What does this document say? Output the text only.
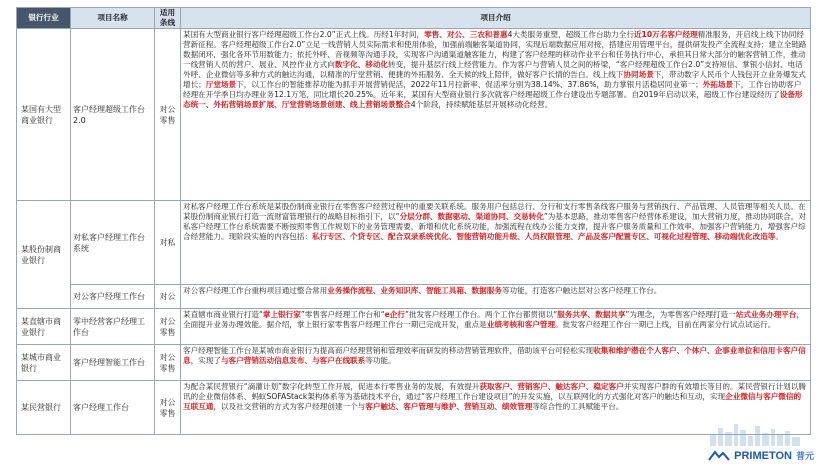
银行行业	项目名称	适用条线	项目介绍
某国有大型商业银行	客户经理超级工作台2.0	对公零售	某国有大型商业银行客户经理超级工作台2.0”正式上线。历经1年时间，零售、对公、三农和普惠4大类服务重塑，超级工作台助力全行近10万名客户经理精准服务，开启线上线下协同经营新征程。客户经理超级工作台2.0”立足一线营销人员实际需求和使用体验，加强前端触客渠道协同，实现后端数据应用对接，搭建应用管理平台，提供研发投产全流程支持；建立全链路数据闭环，强化各环节用数能力；依托外呼、音视频等沟通手段，实现客户沟通渠道触客能力，构建了客户经理的移动作业平台和任务执行中心，承担其日常大部分的触客营销工作，推动一线营销人员的营户、展业、风控作业方式向数字化、移动化转变，提升基层行线上经营能力。作为客户与营销人员之间的桥梁，“客户经理超级工作台2.0”支持短信、掌银小信封、电话外呼、企业微信等多种方式的触达沟通，以精准的厅堂营销、便捷的外拓服务、全天候的线上陪伴，做好客户长情的告白。线上线下协同场景下，带动数字人民币个人钱包开立业务爆发式增长；厅堂场景下，以工作台的智能推荐功能为抓手开展营销促活，2022年11月拉新率、促活率分别为38.14%、37.86%，助力掌银月活稳居同业第一；外拓场景下，工作台协助客户经理在开学季日均办理业务12.1万笔，同比增长20.25%。近年来，某国有大型商业银行多次就客户经理超级工作台建设出专题部署。自2019年启动以来，超级工作台建设经历了设备形态统一、外拓营销场景扩展、厅堂营销场景创建、线上营销场景整合4个阶段，持续赋能基层开展移动化经营。
某股份制商业银行	对私客户经理工作台系统	对私	对私客户经理工作台系统是某股份制商业银行在零售客户经营过程中的重要关联系统。服务用户包括总行、分行和支行零售条线客户服务与营销执行、产品管理、人员管理等相关人员。在某股份制商业银行打造一流财富管理银行的战略目标指引下，以“分层分群、数据驱动、渠道协同、交易转化”为基本思路，推动零售客户经营体系建设，加大营销力度，推动协同联合。对私客户经理工作台系统需要不断按照零售工作规划下的业务管理需要，新增和优化系统功能，加强流程在线办公能力支撑，提升客户服务质量和工作效率，加强客户营销能力，增强客户综合经营能力。现阶段实施的内容包括：私行专区、个贷专区、配合双录系统优化、智能营销功能升级、人员权限管理、产品及客户配置专区、可视化过程管理、移动端优化改造等。
	对公客户经理工作台	对公	对公客户经理工作台重构项目通过整合常用业务操作流程、业务知识库、智能工具箱、数据服务等功能，打造客户触达层对公客户经理工作台。
某直辖市商业银行	零中经营客户经理工作台	对公零售	某直辖市商业银行打造“掌上银行家”零售客户经理工作台和“e企行”批发客户经理工作台。两个工作台都贯彻以“服务共享、数据共享”为理念，为零售客户经理打造一站式业务办理平台，全面提升业务办理效能。据介绍，掌上银行家零售客户经理工作台一期已完成开发，重点是业绩考核和客户管理。批发客户经理工作台一期已上线，目前在两家分行试点试运行。
某城市商业银行	客户经理智能工作台	对公零售	客户经理智能工作台是某城市商业银行为提高商户经理营销和管理效率而研发的移动营销管理软件，借助该平台可轻松实现收集和维护潜在个人客户、个体户、企事业单位和信用卡客户信息，实现了与客户营销活动信息发布、与客户在线联系等功能。
某民营银行	客户经理工作台	对公零售	为配合某民营银行“滴灌计划”数字化转型工作开展，促进本行零售业务的发展，有效提升获取客户、营销客户、触达客户、稳定客户并实现客户群的有效增长等目的。某民营银行计划以腾讯的企业微信体系、蚂蚁SOFAStack架构体系等为基础技术平台，通过“客户经理工作台建设项目”的开发实施，以互联网化的方式强化对客户的触达和互动，实现企业微信与客户微信的互联互通，以及社交营销的方式为客户经理创建一个与客户触达、客户管理与维护、营销互动、绩效管理等综合性的工具赋能平台。
PRIMETON 普元
